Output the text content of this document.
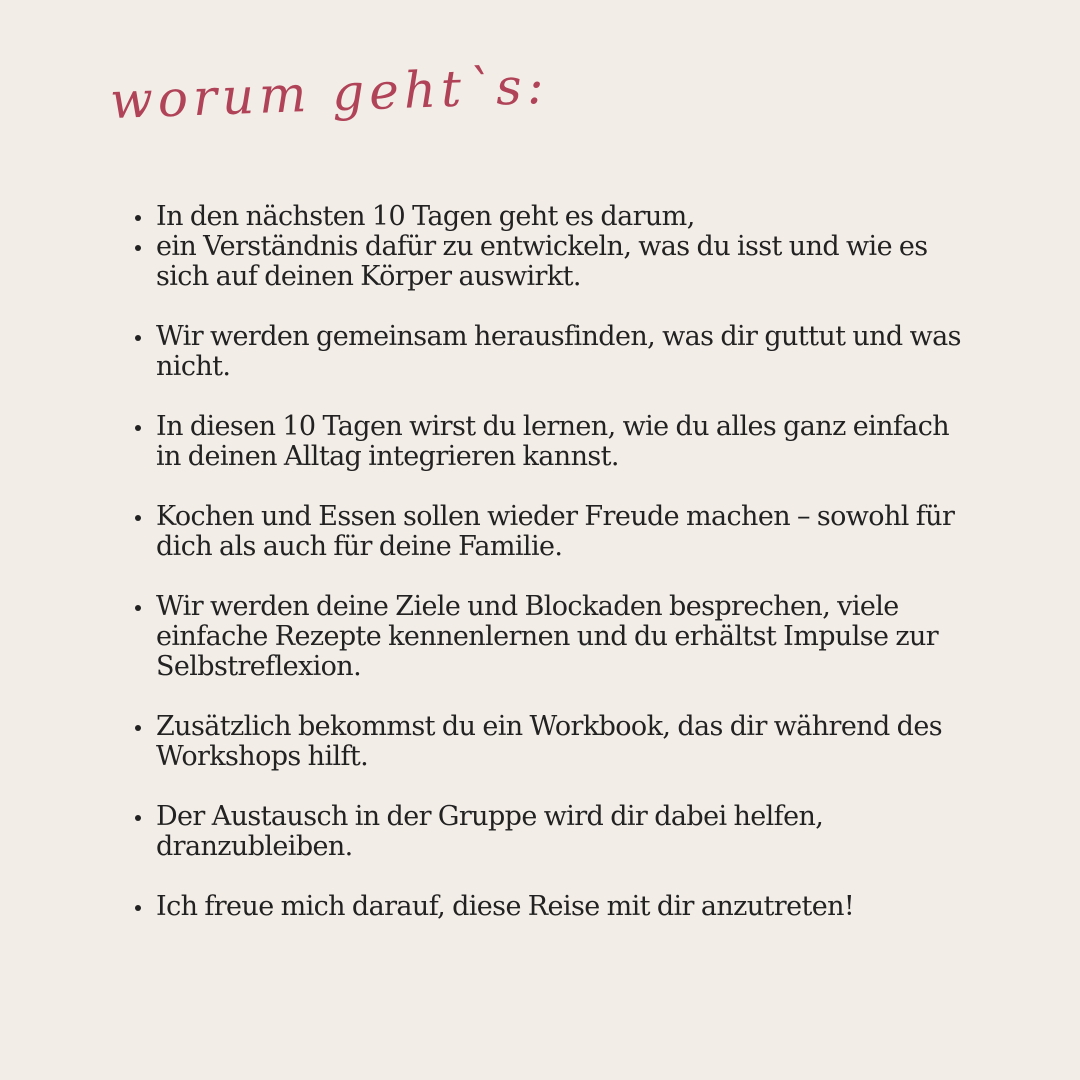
worum geht`s:
In den nächsten 10 Tagen geht es darum,
ein Verständnis dafür zu entwickeln, was du isst und wie es sich auf deinen Körper auswirkt.
Wir werden gemeinsam herausfinden, was dir guttut und was nicht.
In diesen 10 Tagen wirst du lernen, wie du alles ganz einfach in deinen Alltag integrieren kannst.
Kochen und Essen sollen wieder Freude machen – sowohl für dich als auch für deine Familie.
Wir werden deine Ziele und Blockaden besprechen, viele einfache Rezepte kennenlernen und du erhältst Impulse zur Selbstreflexion.
Zusätzlich bekommst du ein Workbook, das dir während des Workshops hilft.
Der Austausch in der Gruppe wird dir dabei helfen, dranzubleiben.
Ich freue mich darauf, diese Reise mit dir anzutreten!
